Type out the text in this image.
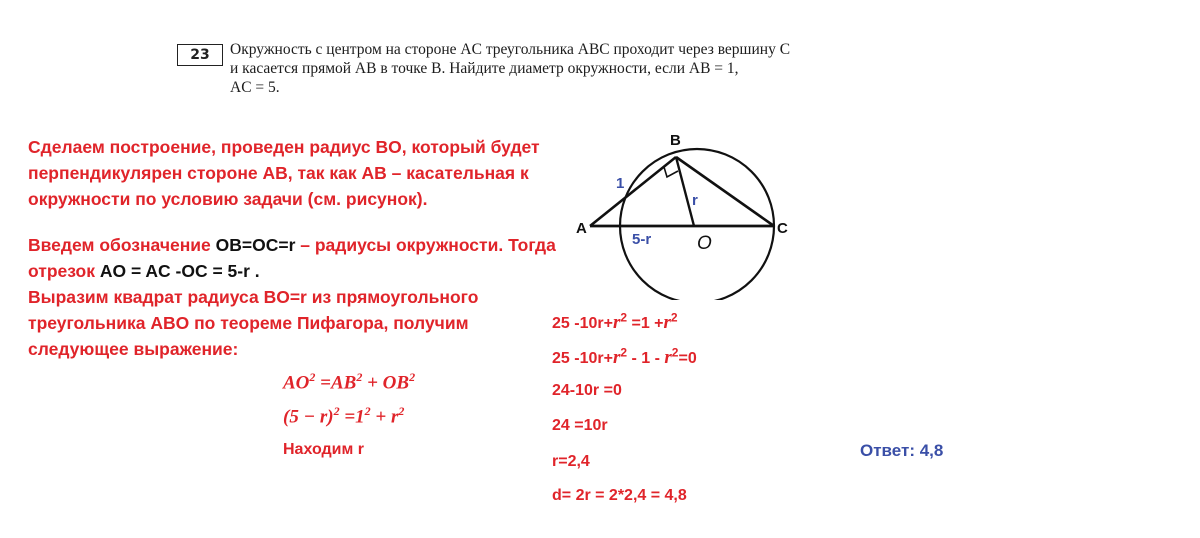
23	Окружность с центром на стороне AC треугольника ABC проходит через вершину C
и касается прямой AB в точке B. Найдите диаметр окружности, если AB = 1,
AC = 5.
Сделаем построение, проведен радиус BO, который будет
перпендикулярен стороне AB, так как AB – касательная к
окружности по условию задачи (см. рисунок).
Введем обозначение OB=OC=r – радиусы окружности. Тогда
отрезок AO = AC -OC = 5-r .
Выразим квадрат радиуса BO=r из прямоугольного
треугольника ABO по теореме Пифагора, получим
следующее выражение:
$AO^2 =AB^2 + OB^2$
$(5 - r)^2 =1^2 + r^2$
Находим r
25 $-10r+r^2 =1 +r^2$
25 $-10r+r^2 - 1 - r^2=0$
24-10r =0
24 =10r
r=2,4
d= 2r = 2*2,4 = 4,8
Ответ: 4,8
B
A	C
O
1
r
5-r
